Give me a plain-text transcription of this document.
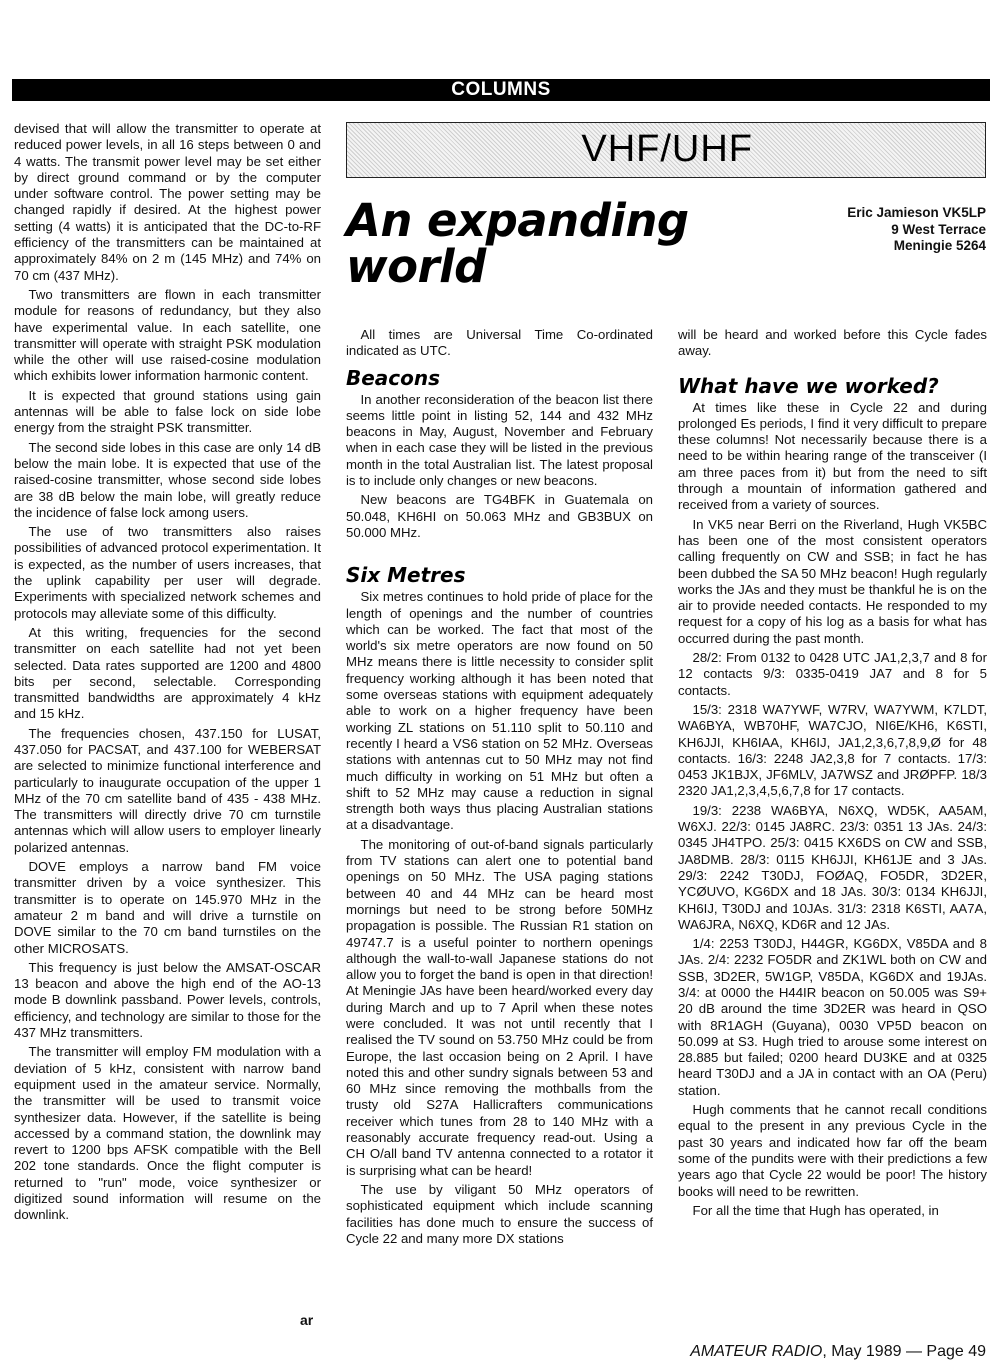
COLUMNS

devised that will allow the transmitter to operate at reduced power levels, in all 16 steps between 0 and 4 watts. The transmit power level may be set either by direct ground command or by the computer under software control. The power setting may be changed rapidly if desired. At the highest power setting (4 watts) it is anticipated that the DC-to-RF efficiency of the transmitters can be maintained at approximately 84% on 2 m (145 MHz) and 74% on 70 cm (437 MHz).

Two transmitters are flown in each transmitter module for reasons of redundancy, but they also have experimental value. In each satellite, one transmitter will operate with straight PSK modulation while the other will use raised-cosine modulation which exhibits lower information harmonic content.

It is expected that ground stations using gain antennas will be able to false lock on side lobe energy from the straight PSK transmitter.

The second side lobes in this case are only 14 dB below the main lobe. It is expected that use of the raised-cosine transmitter, whose second side lobes are 38 dB below the main lobe, will greatly reduce the incidence of false lock among users.

The use of two transmitters also raises possibilities of advanced protocol experimentation. It is expected, as the number of users increases, that the uplink capability per user will degrade. Experiments with specialized network schemes and protocols may alleviate some of this difficulty.

At this writing, frequencies for the second transmitter on each satellite had not yet been selected. Data rates supported are 1200 and 4800 bits per second, selectable. Corresponding transmitted bandwidths are approximately 4 kHz and 15 kHz.

The frequencies chosen, 437.150 for LUSAT, 437.050 for PACSAT, and 437.100 for WEBERSAT are selected to minimize functional interference and particularly to inaugurate occupation of the upper 1 MHz of the 70 cm satellite band of 435 - 438 MHz. The transmitters will directly drive 70 cm turnstile antennas which will allow users to employer linearly polarized antennas.

DOVE employs a narrow band FM voice transmitter driven by a voice synthesizer. This transmitter is to operate on 145.970 MHz in the amateur 2 m band and will drive a turnstile on DOVE similar to the 70 cm band turnstiles on the other MICROSATS.

This frequency is just below the AMSAT-OSCAR 13 beacon and above the high end of the AO-13 mode B downlink passband. Power levels, controls, efficiency, and technology are similar to those for the 437 MHz transmitters.

The transmitter will employ FM modulation with a deviation of 5 kHz, consistent with narrow band equipment used in the amateur service. Normally, the transmitter will be used to transmit voice synthesizer data. However, if the satellite is being accessed by a command station, the downlink may revert to 1200 bps AFSK compatible with the Bell 202 tone standards. Once the flight computer is returned to "run" mode, voice synthesizer or digitized sound information will resume on the downlink.

ar
VHF/UHF
An expanding world
Eric Jamieson VK5LP
9 West Terrace
Meningie 5264

All times are Universal Time Co-ordinated indicated as UTC.

Beacons

In another reconsideration of the beacon list there seems little point in listing 52, 144 and 432 MHz beacons in May, August, November and February when in each case they will be listed in the previous month in the total Australian list. The latest proposal is to include only changes or new beacons.

New beacons are TG4BFK in Guatemala on 50.048, KH6HI on 50.063 MHz and GB3BUX on 50.000 MHz.

Six Metres

Six metres continues to hold pride of place for the length of openings and the number of countries which can be worked. The fact that most of the world's six metre operators are now found on 50 MHz means there is little necessity to consider split frequency working although it has been noted that some overseas stations with equipment adequately able to work on a higher frequency have been working ZL stations on 51.110 split to 50.110 and recently I heard a VS6 station on 52 MHz. Overseas stations with antennas cut to 50 MHz may not find much difficulty in working on 51 MHz but often a shift to 52 MHz may cause a reduction in signal strength both ways thus placing Australian stations at a disadvantage.

The monitoring of out-of-band signals particularly from TV stations can alert one to potential band openings on 50 MHz. The USA paging stations between 40 and 44 MHz can be heard most mornings but need to be strong before 50MHz propagation is possible. The Russian R1 station on 49747.7 is a useful pointer to northern openings although the wall-to-wall Japanese stations do not allow you to forget the band is open in that direction! At Meningie JAs have been heard/worked every day during March and up to 7 April when these notes were concluded. It was not until recently that I realised the TV sound on 53.750 MHz could be from Europe, the last occasion being on 2 April. I have noted this and other sundry signals between 53 and 60 MHz since removing the mothballs from the trusty old S27A Hallicrafters communications receiver which tunes from 28 to 140 MHz with a reasonably accurate frequency read-out. Using a CH O/all band TV antenna connected to a rotator it is surprising what can be heard!

The use by viligant 50 MHz operators of sophisticated equipment which include scanning facilities has done much to ensure the success of Cycle 22 and many more DX stations

will be heard and worked before this Cycle fades away.

What have we worked?

At times like these in Cycle 22 and during prolonged Es periods, I find it very difficult to prepare these columns! Not necessarily because there is a need to be within hearing range of the transceiver (I am three paces from it) but from the need to sift through a mountain of information gathered and received from a variety of sources.

In VK5 near Berri on the Riverland, Hugh VK5BC has been one of the most consistent operators calling frequently on CW and SSB; in fact he has been dubbed the SA 50 MHz beacon! Hugh regularly works the JAs and they must be thankful he is on the air to provide needed contacts. He responded to my request for a copy of his log as a basis for what has occurred during the past month.

28/2: From 0132 to 0428 UTC JA1,2,3,7 and 8 for 12 contacts 9/3: 0335-0419 JA7 and 8 for 5 contacts.

15/3: 2318 WA7YWF, W7RV, WA7YWM, K7LDT, WA6BYA, WB70HF, WA7CJO, NI6E/KH6, K6STI, KH6JJI, KH6IAA, KH6IJ, JA1,2,3,6,7,8,9,Ø for 48 contacts. 16/3: 2248 JA2,3,8 for 7 contacts. 17/3: 0453 JK1BJX, JF6MLV, JA7WSZ and JRØPFP. 18/3 2320 JA1,2,3,4,5,6,7,8 for 17 contacts.

19/3: 2238 WA6BYA, N6XQ, WD5K, AA5AM, W6XJ. 22/3: 0145 JA8RC. 23/3: 0351 13 JAs. 24/3: 0345 JH4TPO. 25/3: 0415 KX6DS on CW and SSB, JA8DMB. 28/3: 0115 KH6JJI, KH61JE and 3 JAs. 29/3: 2242 T30DJ, FOØAQ, FO5DR, 3D2ER, YCØUVO, KG6DX and 18 JAs. 30/3: 0134 KH6JJI, KH6IJ, T30DJ and 10JAs. 31/3: 2318 K6STI, AA7A, WA6JRA, N6XQ, KD6R and 12 JAs.

1/4: 2253 T30DJ, H44GR, KG6DX, V85DA and 8 JAs. 2/4: 2232 FO5DR and ZK1WL both on CW and SSB, 3D2ER, 5W1GP, V85DA, KG6DX and 19JAs. 3/4: at 0000 the H44IR beacon on 50.005 was S9+ 20 dB around the time 3D2ER was heard in QSO with 8R1AGH (Guyana), 0030 VP5D beacon on 50.099 at S3. Hugh tried to arouse some interest on 28.885 but failed; 0200 heard DU3KE and at 0325 heard T30DJ and a JA in contact with an OA (Peru) station.

Hugh comments that he cannot recall conditions equal to the present in any previous Cycle in the past 30 years and indicated how far off the beam some of the pundits were with their predictions a few years ago that Cycle 22 would be poor! The history books will need to be rewritten.

For all the time that Hugh has operated, in

AMATEUR RADIO, May 1989 — Page 49
